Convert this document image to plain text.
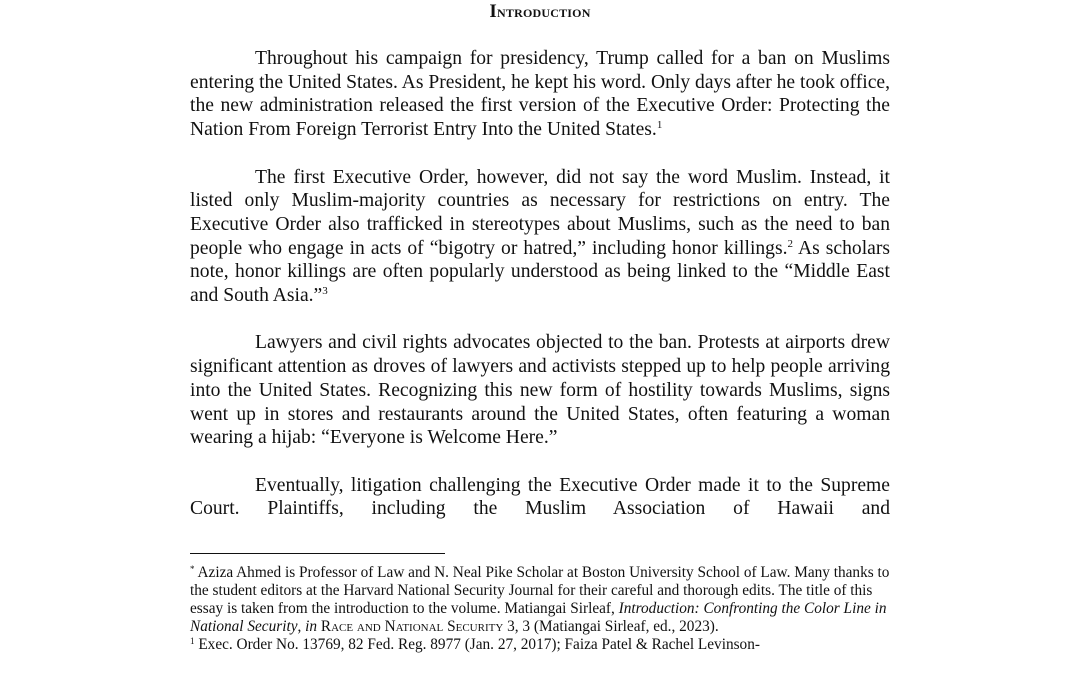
Introduction

Throughout his campaign for presidency, Trump called for a ban on Muslims entering the United States. As President, he kept his word. Only days after he took office, the new administration released the first version of the Executive Order: Protecting the Nation From Foreign Terrorist Entry Into the United States.$^1$

The first Executive Order, however, did not say the word Muslim. Instead, it listed only Muslim-majority countries as necessary for restrictions on entry. The Executive Order also trafficked in stereotypes about Muslims, such as the need to ban people who engage in acts of “bigotry or hatred,” including honor killings.$^2$ As scholars note, honor killings are often popularly understood as being linked to the “Middle East and South Asia.”$^3$

Lawyers and civil rights advocates objected to the ban. Protests at airports drew significant attention as droves of lawyers and activists stepped up to help people arriving into the United States. Recognizing this new form of hostility towards Muslims, signs went up in stores and restaurants around the United States, often featuring a woman wearing a hijab: “Everyone is Welcome Here.”

Eventually, litigation challenging the Executive Order made it to the Supreme Court. Plaintiffs, including the Muslim Association of Hawaii and

* Aziza Ahmed is Professor of Law and N. Neal Pike Scholar at Boston University School of Law. Many thanks to the student editors at the Harvard National Security Journal for their careful and thorough edits. The title of this essay is taken from the introduction to the volume. Matiangai Sirleaf, Introduction: Confronting the Color Line in National Security, in Race and National Security 3, 3 (Matiangai Sirleaf, ed., 2023).

$^1$ Exec. Order No. 13769, 82 Fed. Reg. 8977 (Jan. 27, 2017); Faiza Patel & Rachel Levinson-
